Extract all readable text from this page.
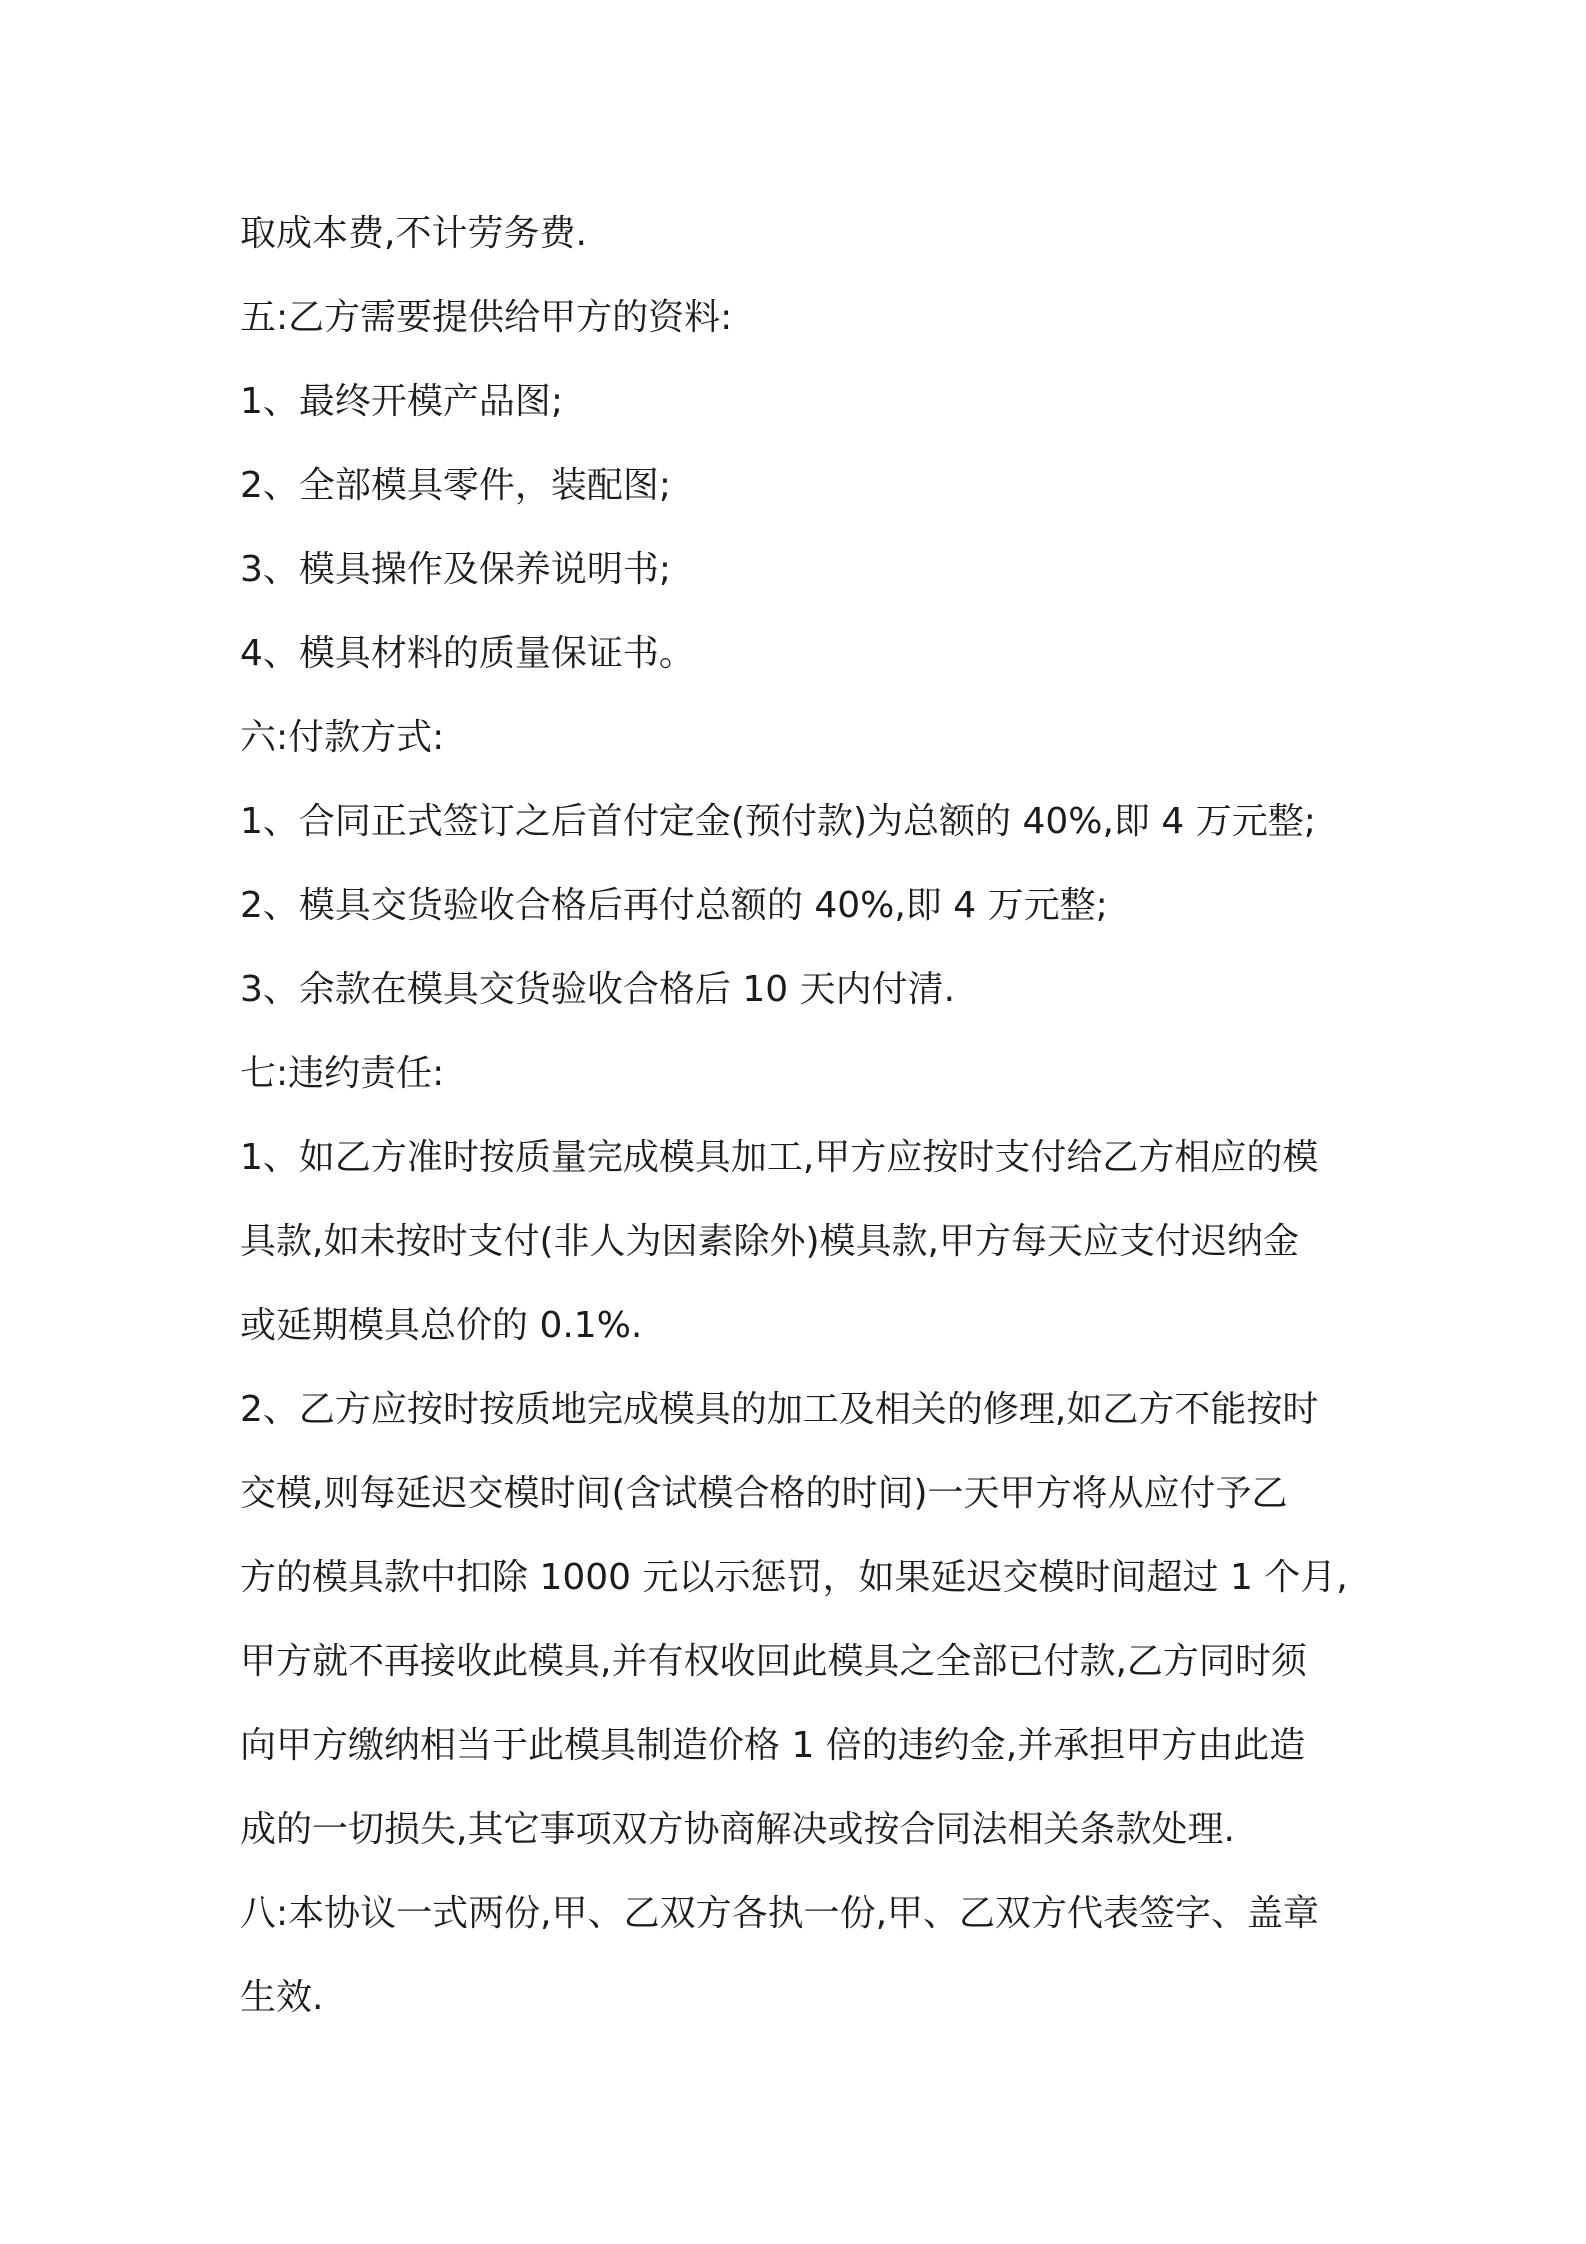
取成本费,不计劳务费.

五:乙方需要提供给甲方的资料:

1、最终开模产品图;

2、全部模具零件，装配图;

3、模具操作及保养说明书;

4、模具材料的质量保证书。

六:付款方式:

1、合同正式签订之后首付定金(预付款)为总额的 40%,即 4 万元整;

2、模具交货验收合格后再付总额的 40%,即 4 万元整;

3、余款在模具交货验收合格后 10 天内付清.

七:违约责任:

1、如乙方准时按质量完成模具加工,甲方应按时支付给乙方相应的模

具款,如未按时支付(非人为因素除外)模具款,甲方每天应支付迟纳金

或延期模具总价的 0.1%.

2、乙方应按时按质地完成模具的加工及相关的修理,如乙方不能按时

交模,则每延迟交模时间(含试模合格的时间)一天甲方将从应付予乙

方的模具款中扣除 1000 元以示惩罚，如果延迟交模时间超过 1 个月,

甲方就不再接收此模具,并有权收回此模具之全部已付款,乙方同时须

向甲方缴纳相当于此模具制造价格 1 倍的违约金,并承担甲方由此造

成的一切损失,其它事项双方协商解决或按合同法相关条款处理.

八:本协议一式两份,甲、乙双方各执一份,甲、乙双方代表签字、盖章

生效.
